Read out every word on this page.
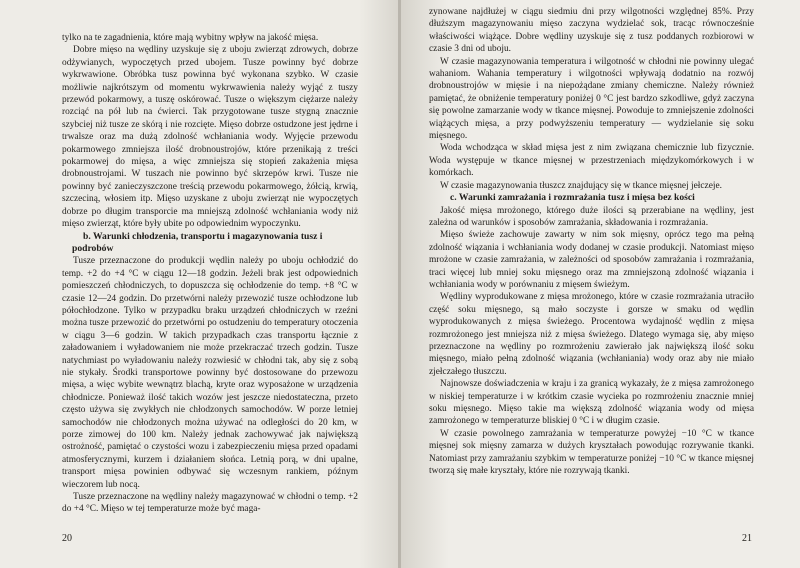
tylko na te zagadnienia, które mają wybitny wpływ na jakość mięsa.

Dobre mięso na wędliny uzyskuje się z uboju zwierząt zdrowych, dobrze odżywianych, wypoczętych przed ubojem. Tusze powinny być dobrze wykrwawione. Obróbka tusz powinna być wykonana szybko. W czasie możliwie najkrótszym od momentu wykrwawienia należy wyjąć z tuszy przewód pokarmowy, a tuszę oskórować. Tusze o większym ciężarze należy rozciąć na pół lub na ćwierci. Tak przygotowane tusze stygną znacznie szybciej niż tusze ze skórą i nie rozcięte. Mięso dobrze ostudzone jest jędrne i trwalsze oraz ma dużą zdolność wchłaniania wody. Wyjęcie przewodu pokarmowego zmniejsza ilość drobnoustrojów, które przenikają z treści pokarmowej do mięsa, a więc zmniejsza się stopień zakażenia mięsa drobnoustrojami. W tuszach nie powinno być skrzepów krwi. Tusze nie powinny być zanieczyszczone treścią przewodu pokarmowego, żółcią, krwią, szczeciną, włosiem itp. Mięso uzyskane z uboju zwierząt nie wypoczętych dobrze po długim transporcie ma mniejszą zdolność wchłaniania wody niż mięso zwierząt, które były ubite po odpowiednim wypoczynku.

b. Warunki chłodzenia, transportu i magazynowania tusz i podrobów

Tusze przeznaczone do produkcji wędlin należy po uboju ochłodzić do temp. +2 do +4 °C w ciągu 12—18 godzin. Jeżeli brak jest odpowiednich pomieszczeń chłodniczych, to dopuszcza się ochłodzenie do temp. +8 °C w czasie 12—24 godzin. Do przetwórni należy przewozić tusze ochłodzone lub półochłodzone. Tylko w przypadku braku urządzeń chłodniczych w rzeźni można tusze przewozić do przetwórni po ostudzeniu do temperatury otoczenia w ciągu 3—6 godzin. W takich przypadkach czas transportu łącznie z załadowaniem i wyładowaniem nie może przekraczać trzech godzin. Tusze natychmiast po wyładowaniu należy rozwiesić w chłodni tak, aby się z sobą nie stykały. Środki transportowe powinny być dostosowane do przewozu mięsa, a więc wybite wewnątrz blachą, kryte oraz wyposażone w urządzenia chłodnicze. Ponieważ ilość takich wozów jest jeszcze niedostateczna, przeto często używa się zwykłych nie chłodzonych samochodów. W porze letniej samochodów nie chłodzonych można używać na odległości do 20 km, w porze zimowej do 100 km. Należy jednak zachowywać jak największą ostrożność, pamiętać o czystości wozu i zabezpieczeniu mięsa przed opadami atmosferycznymi, kurzem i działaniem słońca. Letnią porą, w dni upalne, transport mięsa powinien odbywać się wczesnym rankiem, późnym wieczorem lub nocą.

Tusze przeznaczone na wędliny należy magazynować w chłodni o temp. +2 do +4 °C. Mięso w tej temperaturze może być maga-

20

zynowane najdłużej w ciągu siedmiu dni przy wilgotności względnej 85%. Przy dłuższym magazynowaniu mięso zaczyna wydzielać sok, tracąc równocześnie właściwości wiążące. Dobre wędliny uzyskuje się z tusz poddanych rozbiorowi w czasie 3 dni od uboju.

W czasie magazynowania temperatura i wilgotność w chłodni nie powinny ulegać wahaniom. Wahania temperatury i wilgotności wpływają dodatnio na rozwój drobnoustrojów w mięsie i na niepożądane zmiany chemiczne. Należy również pamiętać, że obniżenie temperatury poniżej 0 °C jest bardzo szkodliwe, gdyż zaczyna się powolne zamarzanie wody w tkance mięsnej. Powoduje to zmniejszenie zdolności wiążących mięsa, a przy podwyższeniu temperatury — wydzielanie się soku mięsnego.

Woda wchodząca w skład mięsa jest z nim związana chemicznie lub fizycznie. Woda występuje w tkance mięsnej w przestrzeniach międzykomórkowych i w komórkach.

W czasie magazynowania tłuszcz znajdujący się w tkance mięsnej jełczeje.

c. Warunki zamrażania i rozmrażania tusz i mięsa bez kości

Jakość mięsa mrożonego, którego duże ilości są przerabiane na wędliny, jest zależna od warunków i sposobów zamrażania, składowania i rozmrażania.

Mięso świeże zachowuje zawarty w nim sok mięsny, oprócz tego ma pełną zdolność wiązania i wchłaniania wody dodanej w czasie produkcji. Natomiast mięso mrożone w czasie zamrażania, w zależności od sposobów zamrażania i rozmrażania, traci więcej lub mniej soku mięsnego oraz ma zmniejszoną zdolność wiązania i wchłaniania wody w porównaniu z mięsem świeżym.

Wędliny wyprodukowane z mięsa mrożonego, które w czasie rozmrażania utraciło część soku mięsnego, są mało soczyste i gorsze w smaku od wędlin wyprodukowanych z mięsa świeżego. Procentowa wydajność wędlin z mięsa rozmrożonego jest mniejsza niż z mięsa świeżego. Dlatego wymaga się, aby mięso przeznaczone na wędliny po rozmrożeniu zawierało jak największą ilość soku mięsnego, miało pełną zdolność wiązania (wchłaniania) wody oraz aby nie miało zjełczałego tłuszczu.

Najnowsze doświadczenia w kraju i za granicą wykazały, że z mięsa zamrożonego w niskiej temperaturze i w krótkim czasie wycieka po rozmrożeniu znacznie mniej soku mięsnego. Mięso takie ma większą zdolność wiązania wody od mięsa zamrożonego w temperaturze bliskiej 0 °C i w długim czasie.

W czasie powolnego zamrażania w temperaturze powyżej −10 °C w tkance mięsnej sok mięsny zamarza w dużych kryształach powodując rozrywanie tkanki. Natomiast przy zamrażaniu szybkim w temperaturze poniżej −10 °C w tkance mięsnej tworzą się małe kryształy, które nie rozrywają tkanki.

21
